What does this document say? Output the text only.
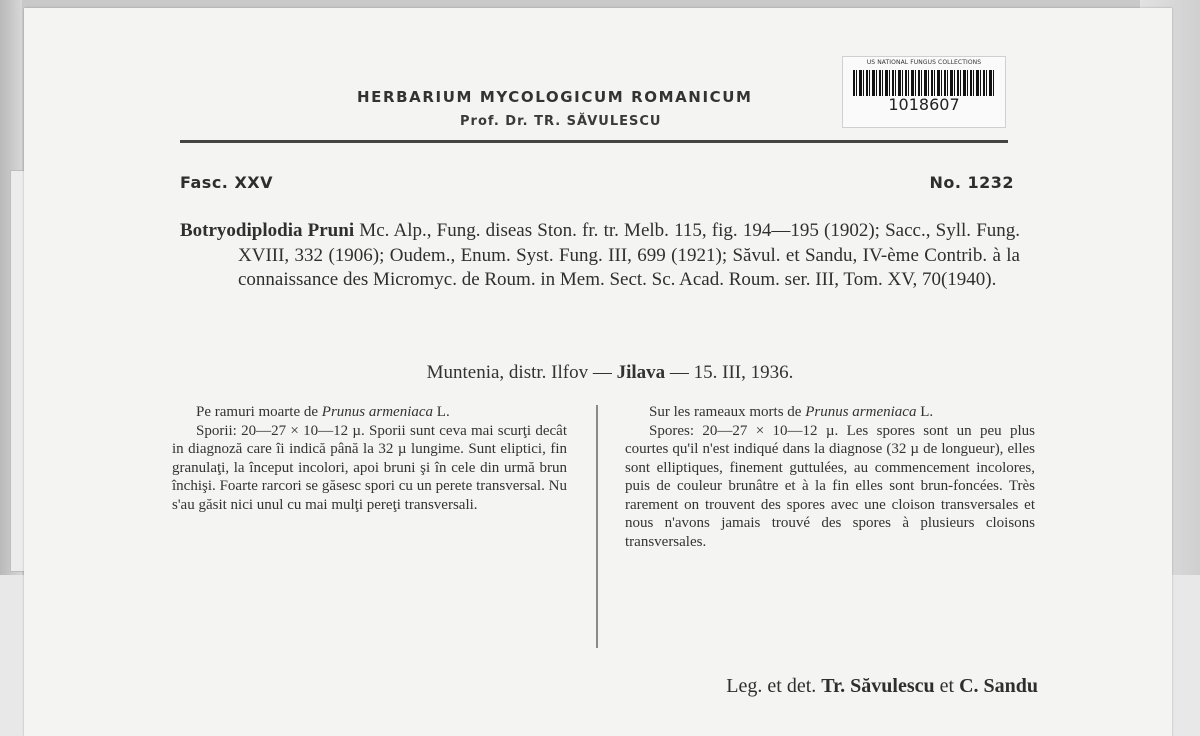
HERBARIUM MYCOLOGICUM ROMANICUM
Prof. Dr. TR. SĂVULESCU
US NATIONAL FUNGUS COLLECTIONS
1018607
Fasc. XXV	No. 1232
Botryodiplodia Pruni Mc. Alp., Fung. diseas Ston. fr. tr. Melb. 115, fig. 194—195 (1902); Sacc., Syll. Fung. XVIII, 332 (1906); Oudem., Enum. Syst. Fung. III, 699 (1921); Săvul. et Sandu, IV-ème Contrib. à la connaissance des Micromyc. de Roum. in Mem. Sect. Sc. Acad. Roum. ser. III, Tom. XV, 70(1940).
Muntenia, distr. Ilfov — Jilava — 15. III, 1936.

Pe ramuri moarte de Prunus armeniaca L.

Sporii: 20—27 × 10—12 µ. Sporii sunt ceva mai scurţi decât in diagnoză care îi indică până la 32 µ lungime. Sunt eliptici, fin granulaţi, la început incolori, apoi bruni şi în cele din urmă brun închişi. Foarte rarcori se găsesc spori cu un perete transversal. Nu s'au găsit nici unul cu mai mulţi pereţi transversali.

Sur les rameaux morts de Prunus armeniaca L.

Spores: 20—27 × 10—12 µ. Les spores sont un peu plus courtes qu'il n'est indiqué dans la diagnose (32 µ de longueur), elles sont elliptiques, finement guttulées, au commencement incolores, puis de couleur brunâtre et à la fin elles sont brun-foncées. Très rarement on trouvent des spores avec une cloison transversales et nous n'avons jamais trouvé des spores à plusieurs cloisons transversales.

Leg. et det. Tr. Săvulescu et C. Sandu
